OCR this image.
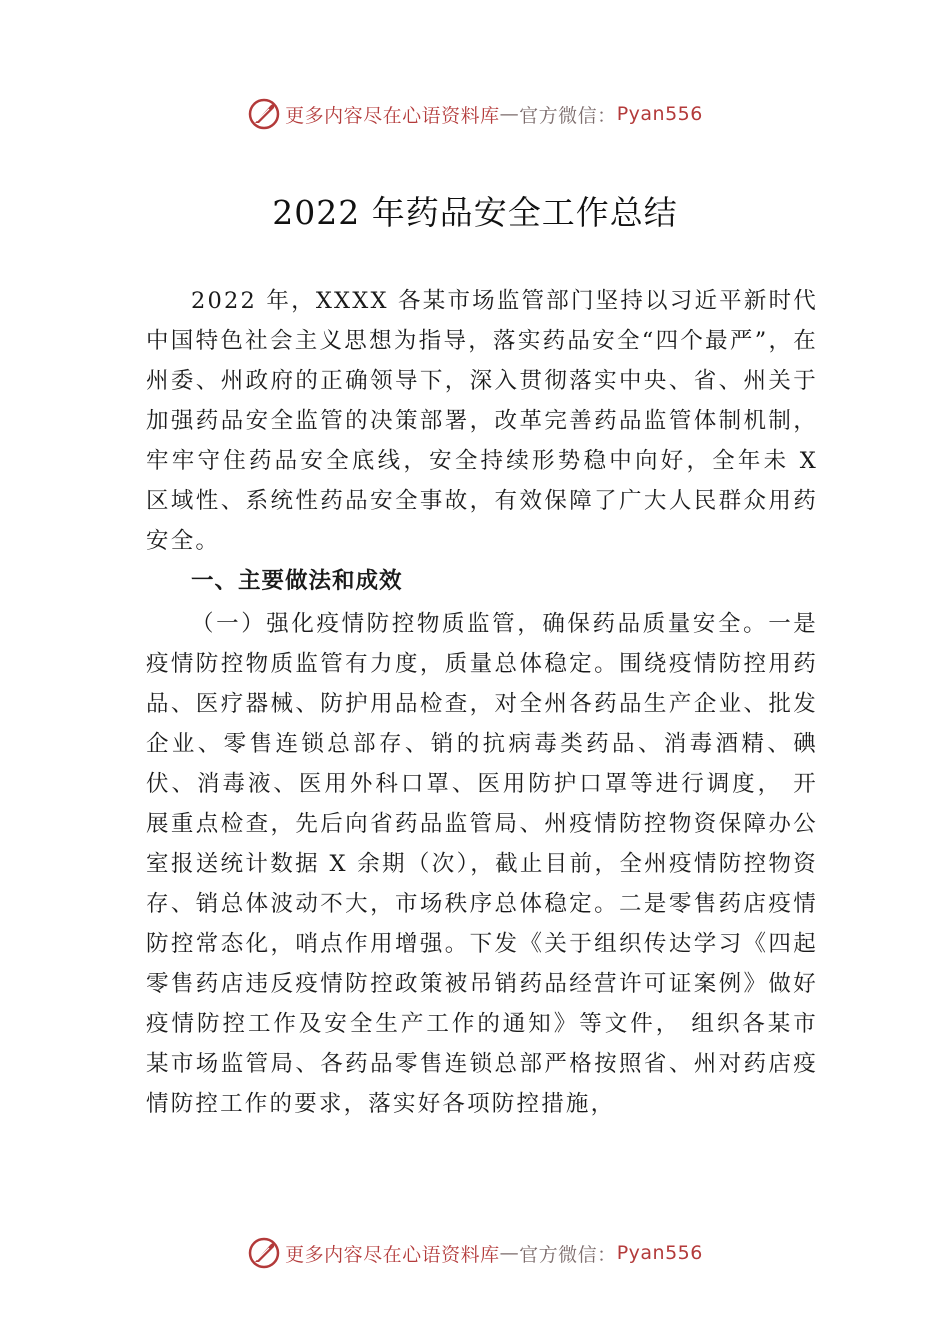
更多内容尽在心语资料库 — 官方微信： Pyan556
2022 年药品安全工作总结

2022 年，XXXX 各某市场监管部门坚持以习近平新时代中国特色社会主义思想为指导，落实药品安全“四个最严”，在州委、州政府的正确领导下，深入贯彻落实中央、省、州关于加强药品安全监管的决策部署，改革完善药品监管体制机制，牢牢守住药品安全底线，安全持续形势稳中向好，全年未 X 区域性、系统性药品安全事故，有效保障了广大人民群众用药安全。

一、主要做法和成效

（一）强化疫情防控物质监管，确保药品质量安全。一是疫情防控物质监管有力度，质量总体稳定。围绕疫情防控用药品、医疗器械、防护用品检查，对全州各药品生产企业、批发企业、零售连锁总部存、销的抗病毒类药品、消毒酒精、碘伏、消毒液、医用外科口罩、医用防护口罩等进行调度， 开展重点检查，先后向省药品监管局、州疫情防控物资保障办公室报送统计数据 X 余期（次），截止目前，全州疫情防控物资存、销总体波动不大，市场秩序总体稳定。二是零售药店疫情防控常态化，哨点作用增强。下发《关于组织传达学习《四起零售药店违反疫情防控政策被吊销药品经营许可证案例》做好疫情防控工作及安全生产工作的通知》等文件， 组织各某市某市场监管局、各药品零售连锁总部严格按照省、州对药店疫情防控工作的要求，落实好各项防控措施，

更多内容尽在心语资料库 — 官方微信： Pyan556
